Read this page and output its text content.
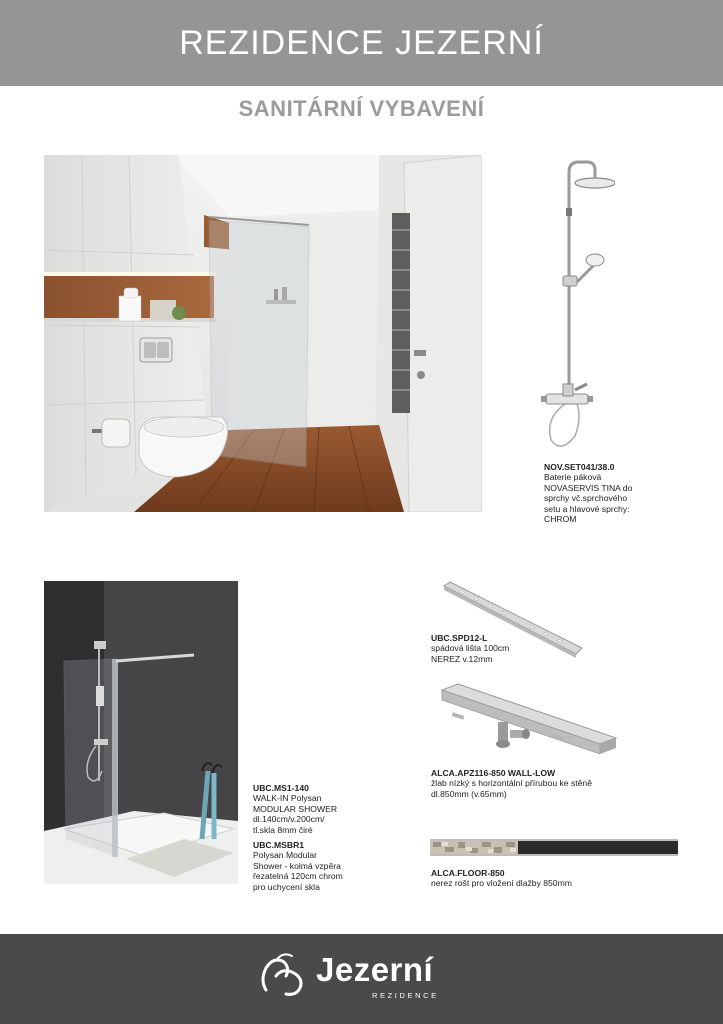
REZIDENCE JEZERNÍ
SANITÁRNÍ VYBAVENÍ
NOV.SET041/38.0
Baterie páková
NOVASERVIS TINA do
sprchy vč.sprchového
setu a hlavové sprchy:
CHROM
UBC.MS1-140
WALK-IN Polysan
MODULAR SHOWER
dl.140cm/v.200cm/
tl.skla 8mm čiré
UBC.MSBR1
Polysan Modular
Shower - kolmá vzpěra
řezatelná 120cm chrom
pro uchycení skla
UBC.SPD12-L
spádová lišta 100cm
NEREZ v.12mm
ALCA.APZ116-850 WALL-LOW
žlab nízký s horizontální přírubou ke stěně
dl.850mm (v.65mm)
ALCA.FLOOR-850
nerez rošt pro vložení dlažby 850mm
Jezerní
REZIDENCE
